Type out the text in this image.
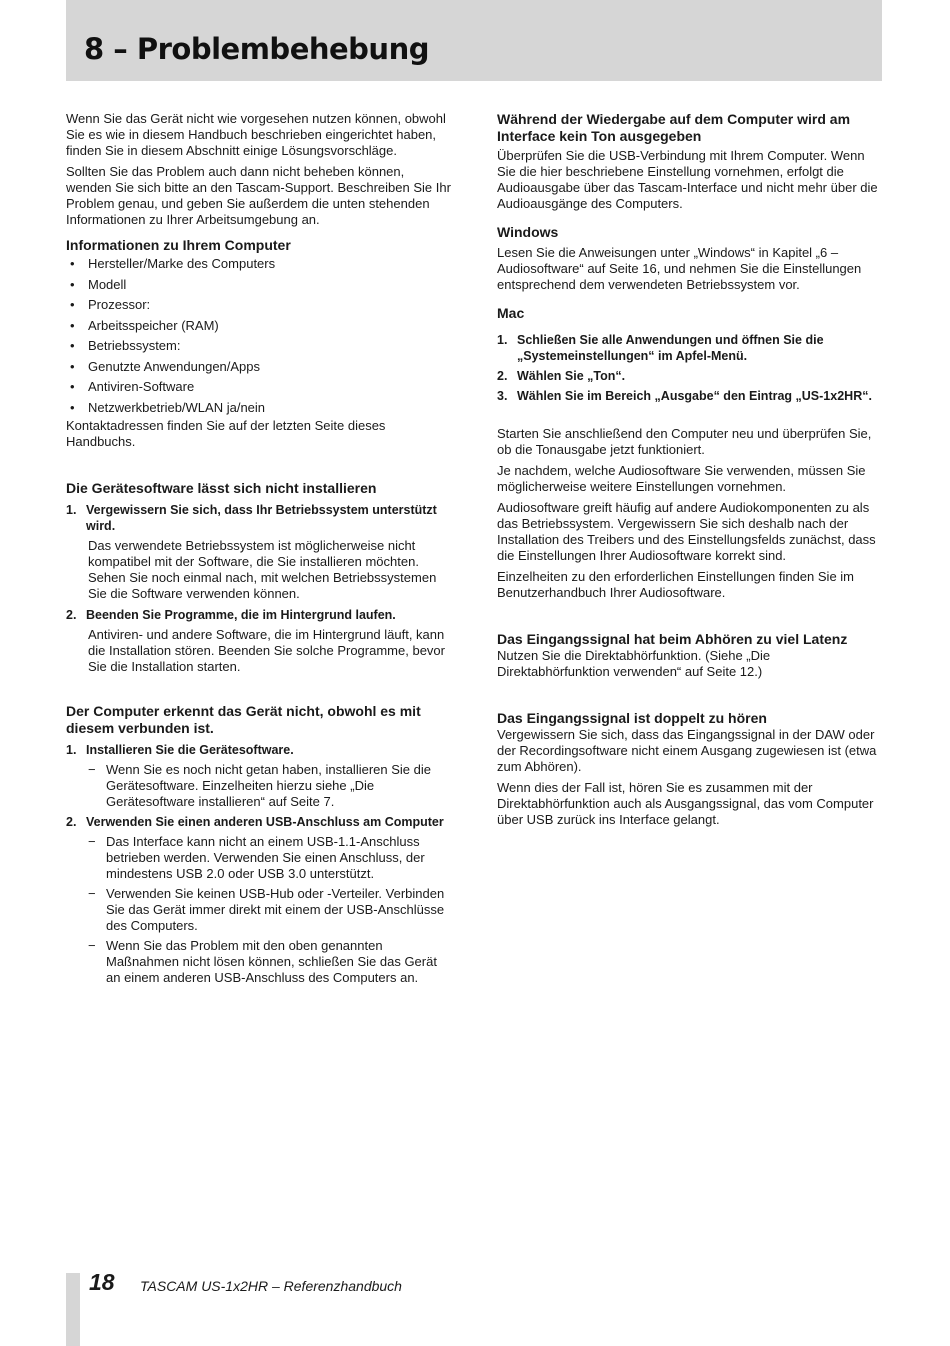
8 – Problembehebung

Wenn Sie das Gerät nicht wie vorgesehen nutzen können, obwohl Sie es wie in diesem Handbuch beschrieben eingerichtet haben, finden Sie in diesem Abschnitt einige Lösungsvorschläge.

Sollten Sie das Problem auch dann nicht beheben können, wenden Sie sich bitte an den Tascam-Support. Beschreiben Sie Ihr Problem genau, und geben Sie außerdem die unten stehenden Informationen zu Ihrer Arbeitsumgebung an.

Informationen zu Ihrem Computer
• Hersteller/Marke des Computers
• Modell
• Prozessor:
• Arbeitsspeicher (RAM)
• Betriebssystem:
• Genutzte Anwendungen/Apps
• Antiviren-Software
• Netzwerkbetrieb/WLAN ja/nein

Kontaktadressen finden Sie auf der letzten Seite dieses Handbuchs.

Die Gerätesoftware lässt sich nicht installieren
1. Vergewissern Sie sich, dass Ihr Betriebssystem unterstützt wird.

Das verwendete Betriebssystem ist möglicherweise nicht kompatibel mit der Software, die Sie installieren möchten. Sehen Sie noch einmal nach, mit welchen Betriebssystemen Sie die Software verwenden können.

2. Beenden Sie Programme, die im Hintergrund laufen.

Antiviren- und andere Software, die im Hintergrund läuft, kann die Installation stören. Beenden Sie solche Programme, bevor Sie die Installation starten.

Der Computer erkennt das Gerät nicht, obwohl es mit diesem verbunden ist.
1. Installieren Sie die Gerätesoftware.
− Wenn Sie es noch nicht getan haben, installieren Sie die Gerätesoftware. Einzelheiten hierzu siehe „Die Gerätesoftware installieren“ auf Seite 7.
2. Verwenden Sie einen anderen USB-Anschluss am Computer
− Das Interface kann nicht an einem USB-1.1-Anschluss betrieben werden. Verwenden Sie einen Anschluss, der mindestens USB 2.0 oder USB 3.0 unterstützt.
− Verwenden Sie keinen USB-Hub oder -Verteiler. Verbinden Sie das Gerät immer direkt mit einem der USB-Anschlüsse des Computers.
− Wenn Sie das Problem mit den oben genannten Maßnahmen nicht lösen können, schließen Sie das Gerät an einem anderen USB-Anschluss des Computers an.
Während der Wiedergabe auf dem Computer wird am Interface kein Ton ausgegeben

Überprüfen Sie die USB-Verbindung mit Ihrem Computer. Wenn Sie die hier beschriebene Einstellung vornehmen, erfolgt die Audioausgabe über das Tascam-Interface und nicht mehr über die Audioausgänge des Computers.

Windows

Lesen Sie die Anweisungen unter „Windows“ in Kapitel „6 – Audiosoftware“ auf Seite 16, und nehmen Sie die Einstellungen entsprechend dem verwendeten Betriebssystem vor.

Mac
1. Schließen Sie alle Anwendungen und öffnen Sie die „Systemeinstellungen“ im Apfel-Menü.
2. Wählen Sie „Ton“.
3. Wählen Sie im Bereich „Ausgabe“ den Eintrag „US-1x2HR“.

Starten Sie anschließend den Computer neu und überprüfen Sie, ob die Tonausgabe jetzt funktioniert.

Je nachdem, welche Audiosoftware Sie verwenden, müssen Sie möglicherweise weitere Einstellungen vornehmen.

Audiosoftware greift häufig auf andere Audiokomponenten zu als das Betriebssystem. Vergewissern Sie sich deshalb nach der Installation des Treibers und des Einstellungsfelds zunächst, dass die Einstellungen Ihrer Audiosoftware korrekt sind.

Einzelheiten zu den erforderlichen Einstellungen finden Sie im Benutzerhandbuch Ihrer Audiosoftware.

Das Eingangssignal hat beim Abhören zu viel Latenz

Nutzen Sie die Direktabhörfunktion. (Siehe „Die Direktabhörfunktion verwenden“ auf Seite 12.)

Das Eingangssignal ist doppelt zu hören

Vergewissern Sie sich, dass das Eingangssignal in der DAW oder der Recordingsoftware nicht einem Ausgang zugewiesen ist (etwa zum Abhören).

Wenn dies der Fall ist, hören Sie es zusammen mit der Direktabhörfunktion auch als Ausgangssignal, das vom Computer über USB zurück ins Interface gelangt.

18 TASCAM US-1x2HR – Referenzhandbuch
